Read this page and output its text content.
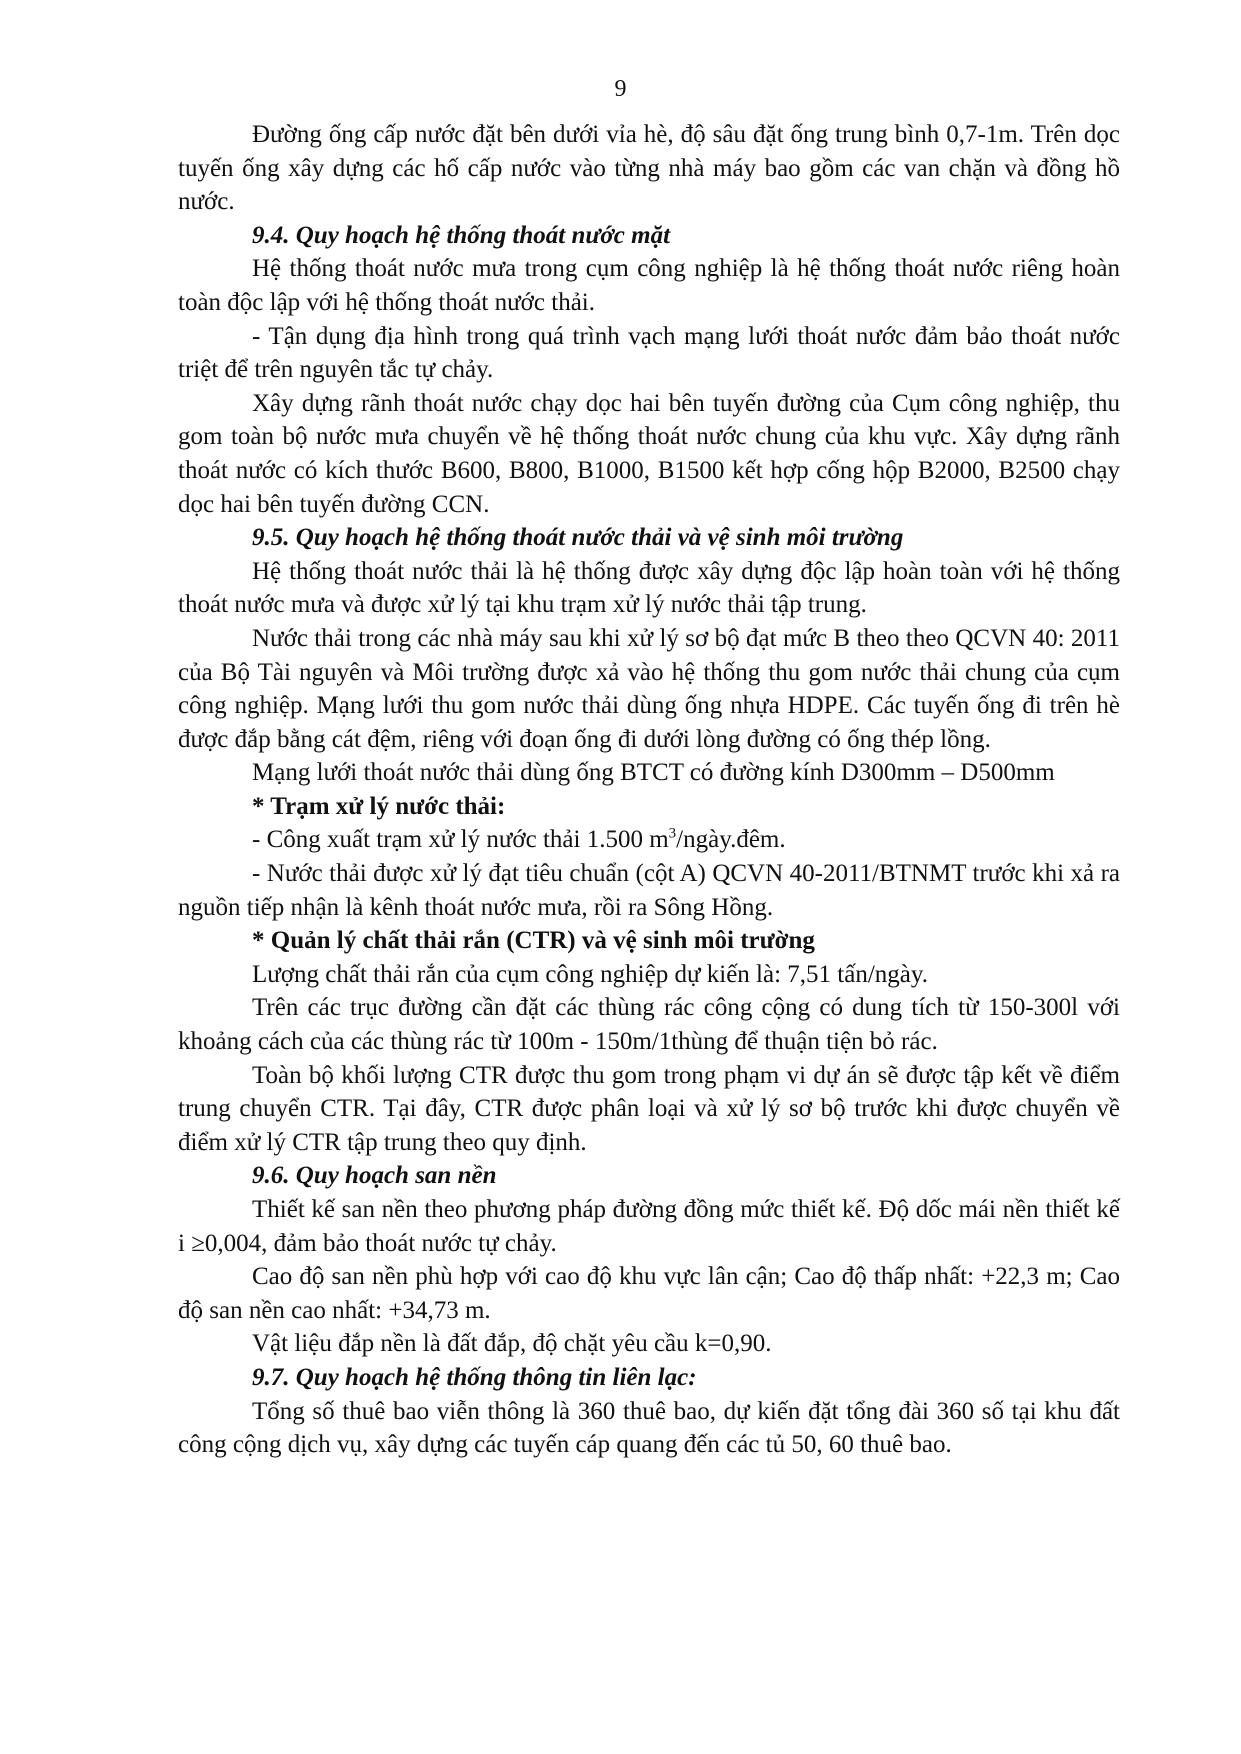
9

Đường ống cấp nước đặt bên dưới vỉa hè, độ sâu đặt ống trung bình 0,7-1m. Trên dọc tuyến ống xây dựng các hố cấp nước vào từng nhà máy bao gồm các van chặn và đồng hồ nước.

9.4. Quy hoạch hệ thống thoát nước mặt

Hệ thống thoát nước mưa trong cụm công nghiệp là hệ thống thoát nước riêng hoàn toàn độc lập với hệ thống thoát nước thải.

- Tận dụng địa hình trong quá trình vạch mạng lưới thoát nước đảm bảo thoát nước triệt để trên nguyên tắc tự chảy.

Xây dựng rãnh thoát nước chạy dọc hai bên tuyến đường của Cụm công nghiệp, thu gom toàn bộ nước mưa chuyển về hệ thống thoát nước chung của khu vực. Xây dựng rãnh thoát nước có kích thước B600, B800, B1000, B1500 kết hợp cống hộp B2000, B2500 chạy dọc hai bên tuyến đường CCN.

9.5. Quy hoạch hệ thống thoát nước thải và vệ sinh môi trường

Hệ thống thoát nước thải là hệ thống được xây dựng độc lập hoàn toàn với hệ thống thoát nước mưa và được xử lý tại khu trạm xử lý nước thải tập trung.

Nước thải trong các nhà máy sau khi xử lý sơ bộ đạt mức B theo theo QCVN 40: 2011 của Bộ Tài nguyên và Môi trường được xả vào hệ thống thu gom nước thải chung của cụm công nghiệp. Mạng lưới thu gom nước thải dùng ống nhựa HDPE. Các tuyến ống đi trên hè được đắp bằng cát đệm, riêng với đoạn ống đi dưới lòng đường có ống thép lồng.

Mạng lưới thoát nước thải dùng ống BTCT có đường kính D300mm – D500mm

* Trạm xử lý nước thải:

- Công xuất trạm xử lý nước thải 1.500 $m^3/ngày.đêm$.

- Nước thải được xử lý đạt tiêu chuẩn (cột A) QCVN 40-2011/BTNMT trước khi xả ra nguồn tiếp nhận là kênh thoát nước mưa, rồi ra Sông Hồng.

* Quản lý chất thải rắn (CTR) và vệ sinh môi trường

Lượng chất thải rắn của cụm công nghiệp dự kiến là: 7,51 tấn/ngày.

Trên các trục đường cần đặt các thùng rác công cộng có dung tích từ 150-300l với khoảng cách của các thùng rác từ 100m - 150m/1thùng để thuận tiện bỏ rác.

Toàn bộ khối lượng CTR được thu gom trong phạm vi dự án sẽ được tập kết về điểm trung chuyển CTR. Tại đây, CTR được phân loại và xử lý sơ bộ trước khi được chuyển về điểm xử lý CTR tập trung theo quy định.

9.6. Quy hoạch san nền

Thiết kế san nền theo phương pháp đường đồng mức thiết kế. Độ dốc mái nền thiết kế i ≥0,004, đảm bảo thoát nước tự chảy.

Cao độ san nền phù hợp với cao độ khu vực lân cận; Cao độ thấp nhất: +22,3 m; Cao độ san nền cao nhất: +34,73 m.

Vật liệu đắp nền là đất đắp, độ chặt yêu cầu k=0,90.

9.7. Quy hoạch hệ thống thông tin liên lạc:

Tổng số thuê bao viễn thông là 360 thuê bao, dự kiến đặt tổng đài 360 số tại khu đất công cộng dịch vụ, xây dựng các tuyến cáp quang đến các tủ 50, 60 thuê bao.
